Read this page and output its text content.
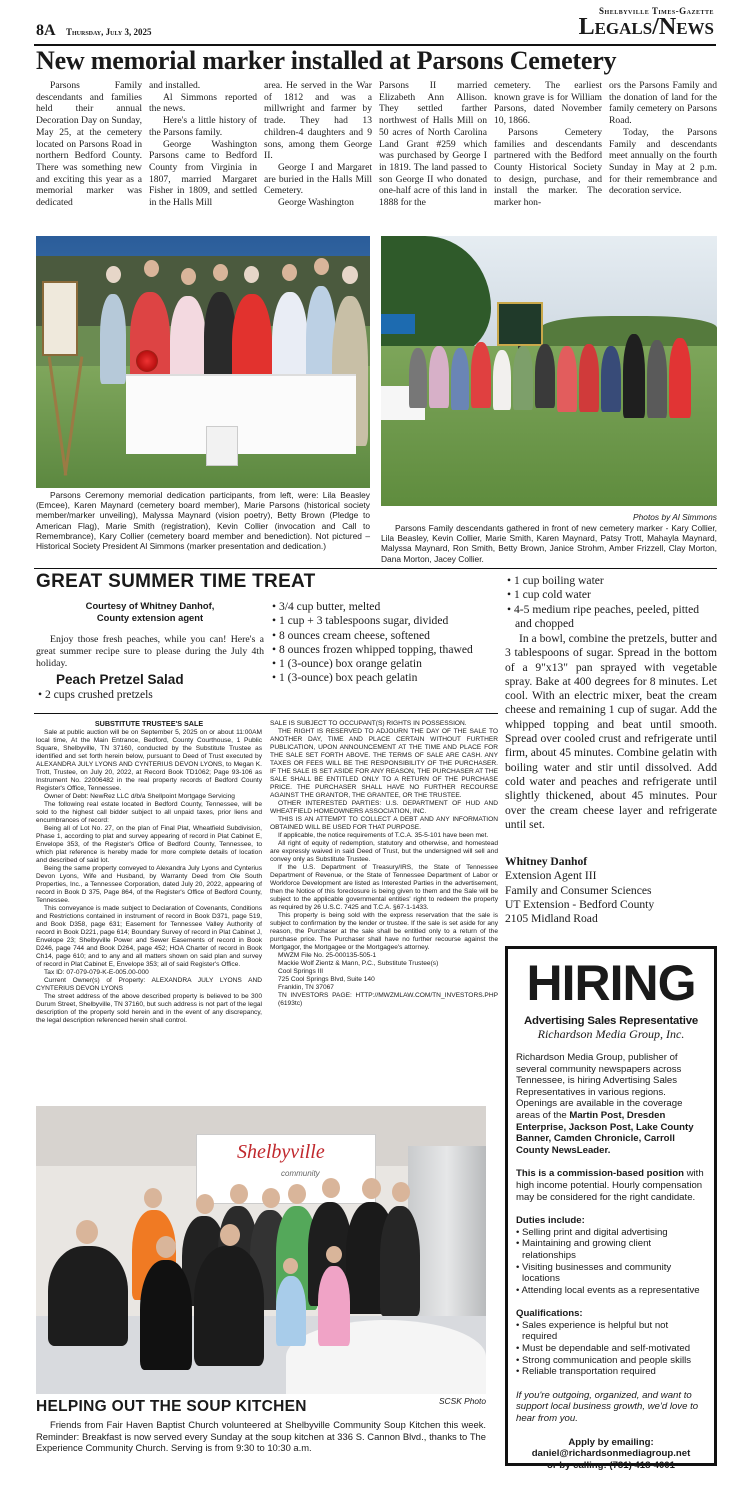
Shelbyville Times-Gazette
8A Thursday, July 3, 2025	Legals/News
New memorial marker installed at Parsons Cemetery

Parsons Family descendants and families held their annual Decoration Day on Sunday, May 25, at the cemetery located on Parsons Road in northern Bedford County. There was something new and exciting this year as a memorial marker was dedicated

and installed.

Al Simmons reported the news.

Here's a little history of the Parsons family.

George Washington Parsons came to Bedford County from Virginia in 1807, married Margaret Fisher in 1809, and settled in the Halls Mill

area. He served in the War of 1812 and was a millwright and farmer by trade. They had 13 children-4 daughters and 9 sons, among them George II.

George I and Margaret are buried in the Halls Mill Cemetery.

George Washington

Parsons II married Elizabeth Ann Allison. They settled farther northwest of Halls Mill on 50 acres of North Carolina Land Grant #259 which was purchased by George I in 1819. The land passed to son George II who donated one-half acre of this land in 1888 for the

cemetery. The earliest known grave is for William Parsons, dated November 10, 1866.

Parsons Cemetery families and descendants partnered with the Bedford County Historical Society to design, purchase, and install the marker. The marker hon-

ors the Parsons Family and the donation of land for the family cemetery on Parsons Road.

Today, the Parsons Family and descendants meet annually on the fourth Sunday in May at 2 p.m. for their remembrance and decoration service.

Parsons Ceremony memorial dedication participants, from left, were: Lila Beasley (Emcee), Karen Maynard (cemetery board member), Marie Parsons (historical society member/marker unveiling), Malyssa Maynard (vision poetry), Betty Brown (Pledge to American Flag), Marie Smith (registration), Kevin Collier (invocation and Call to Remembrance), Kary Collier (cemetery board member and benediction). Not pictured – Historical Society President Al Simmons (marker presentation and dedication.)
Photos by Al Simmons
Parsons Family descendants gathered in front of new cemetery marker - Kary Collier, Lila Beasley, Kevin Collier, Marie Smith, Karen Maynard, Patsy Trott, Mahayla Maynard, Malyssa Maynard, Ron Smith, Betty Brown, Janice Strohm, Amber Frizzell, Clay Morton, Dana Morton, Jacey Collier.
GREAT SUMMER TIME TREAT
Courtesy of Whitney Danhof,
County extension agent

Enjoy those fresh peaches, while you can! Here's a great summer recipe sure to please during the July 4th holiday.

Peach Pretzel Salad
• 2 cups crushed pretzels
• 3/4 cup butter, melted
• 1 cup + 3 tablespoons sugar, divided
• 8 ounces cream cheese, softened
• 8 ounces frozen whipped topping, thawed
• 1 (3-ounce) box orange gelatin
• 1 (3-ounce) box peach gelatin
• 1 cup boiling water
• 1 cup cold water
• 4-5 medium ripe peaches, peeled, pitted and chopped

In a bowl, combine the pretzels, butter and 3 tablespoons of sugar. Spread in the bottom of a 9"x13" pan sprayed with vegetable spray. Bake at 400 degrees for 8 minutes. Let cool. With an electric mixer, beat the cream cheese and remaining 1 cup of sugar. Add the whipped topping and beat until smooth. Spread over cooled crust and refrigerate until firm, about 45 minutes. Combine gelatin with boiling water and stir until dissolved. Add cold water and peaches and refrigerate until slightly thickened, about 45 minutes. Pour over the cream cheese layer and refrigerate until set.

Whitney Danhof
Extension Agent III
Family and Consumer Sciences
UT Extension - Bedford County
2105 Midland Road
SUBSTITUTE TRUSTEE'S SALE

Sale at public auction will be on September 5, 2025 on or about 11:00AM local time, At the Main Entrance, Bedford, County Courthouse, 1 Public Square, Shelbyville, TN 37160, conducted by the Substitute Trustee as identified and set forth herein below, pursuant to Deed of Trust executed by ALEXANDRA JULY LYONS AND CYNTERIUS DEVON LYONS, to Megan K. Trott, Trustee, on July 20, 2022, at Record Book TD1062; Page 93-106 as Instrument No. 22006482 in the real property records of Bedford County Register's Office, Tennessee.

Owner of Debt: NewRez LLC d/b/a Shellpoint Mortgage Servicing

The following real estate located in Bedford County, Tennessee, will be sold to the highest call bidder subject to all unpaid taxes, prior liens and encumbrances of record:

Being all of Lot No. 27, on the plan of Final Plat, Wheatfield Subdivision, Phase 1, according to plat and survey appearing of record in Plat Cabinet E, Envelope 353, of the Register's Office of Bedford County, Tennessee, to which plat reference is hereby made for more complete details of location and described of said lot.

Being the same property conveyed to Alexandra July Lyons and Cynterius Devon Lyons, Wife and Husband, by Warranty Deed from Ole South Properties, Inc., a Tennessee Corporation, dated July 20, 2022, appearing of record in Book D 375, Page 864, of the Register's Office of Bedford County, Tennessee.

This conveyance is made subject to Declaration of Covenants, Conditions and Restrictions contained in instrument of record in Book D371, page 519, and Book D358, page 631; Easement for Tennessee Valley Authority of record in Book D221, page 614; Boundary Survey of record in Plat Cabinet J, Envelope 23; Shelbyville Power and Sewer Easements of record in Book D246, page 744 and Book D264, page 452; HOA Charter of record in Book Ch14, page 610; and to any and all matters shown on said plan and survey of record in Plat Cabinet E, Envelope 353; all of said Register's Office.

Tax ID: 07-079-079-K-E-005.00-000

Current Owner(s) of Property: ALEXANDRA JULY LYONS AND CYNTERIUS DEVON LYONS

The street address of the above described property is believed to be 300 Durum Street, Shelbyville, TN 37160, but such address is not part of the legal description of the property sold herein and in the event of any discrepancy, the legal description referenced herein shall control.

SALE IS SUBJECT TO OCCUPANT(S) RIGHTS IN POSSESSION.

THE RIGHT IS RESERVED TO ADJOURN THE DAY OF THE SALE TO ANOTHER DAY, TIME AND PLACE CERTAIN WITHOUT FURTHER PUBLICATION, UPON ANNOUNCEMENT AT THE TIME AND PLACE FOR THE SALE SET FORTH ABOVE. THE TERMS OF SALE ARE CASH. ANY TAXES OR FEES WILL BE THE RESPONSIBILITY OF THE PURCHASER. IF THE SALE IS SET ASIDE FOR ANY REASON, THE PURCHASER AT THE SALE SHALL BE ENTITLED ONLY TO A RETURN OF THE PURCHASE PRICE. THE PURCHASER SHALL HAVE NO FURTHER RECOURSE AGAINST THE GRANTOR, THE GRANTEE, OR THE TRUSTEE.

OTHER INTERESTED PARTIES: U.S. DEPARTMENT OF HUD AND WHEATFIELD HOMEOWNERS ASSOCIATION, INC.

THIS IS AN ATTEMPT TO COLLECT A DEBT AND ANY INFORMATION OBTAINED WILL BE USED FOR THAT PURPOSE.

If applicable, the notice requirements of T.C.A. 35-5-101 have been met.

All right of equity of redemption, statutory and otherwise, and homestead are expressly waived in said Deed of Trust, but the undersigned will sell and convey only as Substitute Trustee.

If the U.S. Department of Treasury/IRS, the State of Tennessee Department of Revenue, or the State of Tennessee Department of Labor or Workforce Development are listed as Interested Parties in the advertisement, then the Notice of this foreclosure is being given to them and the Sale will be subject to the applicable governmental entities' right to redeem the property as required by 26 U.S.C. 7425 and T.C.A. §67-1-1433.

This property is being sold with the express reservation that the sale is subject to confirmation by the lender or trustee. If the sale is set aside for any reason, the Purchaser at the sale shall be entitled only to a return of the purchase price. The Purchaser shall have no further recourse against the Mortgagor, the Mortgagee or the Mortgagee's attorney.

MWZM File No. 25-000135-505-1
Mackie Wolf Zientz & Mann, P.C., Substitute Trustee(s)
Cool Springs III
725 Cool Springs Blvd, Suite 140
Franklin, TN 37067
TN INVESTORS PAGE: HTTP://MWZMLAW.COM/TN_INVESTORS.PHP (6193tc)
Shelbyville
community
SCSK Photo
HELPING OUT THE SOUP KITCHEN
Friends from Fair Haven Baptist Church volunteered at Shelbyville Community Soup Kitchen this week. Reminder: Breakfast is now served every Sunday at the soup kitchen at 336 S. Cannon Blvd., thanks to The Experience Community Church. Serving is from 9:30 to 10:30 a.m.
HIRING
Advertising Sales Representative
Richardson Media Group, Inc.
Richardson Media Group, publisher of several community newspapers across Tennessee, is hiring Advertising Sales Representatives in various regions. Openings are available in the coverage areas of the Martin Post, Dresden Enterprise, Jackson Post, Lake County Banner, Camden Chronicle, Carroll County NewsLeader.
This is a commission-based position with high income potential. Hourly compensation may be considered for the right candidate.
Duties include:
• Selling print and digital advertising
• Maintaining and growing client relationships
• Visiting businesses and community locations
• Attending local events as a representative
Qualifications:
• Sales experience is helpful but not required
• Must be dependable and self-motivated
• Strong communication and people skills
• Reliable transportation required
If you're outgoing, organized, and want to support local business growth, we'd love to hear from you.
Apply by emailing:
daniel@richardsonmediagroup.net
or by calling: (731) 418-4001
